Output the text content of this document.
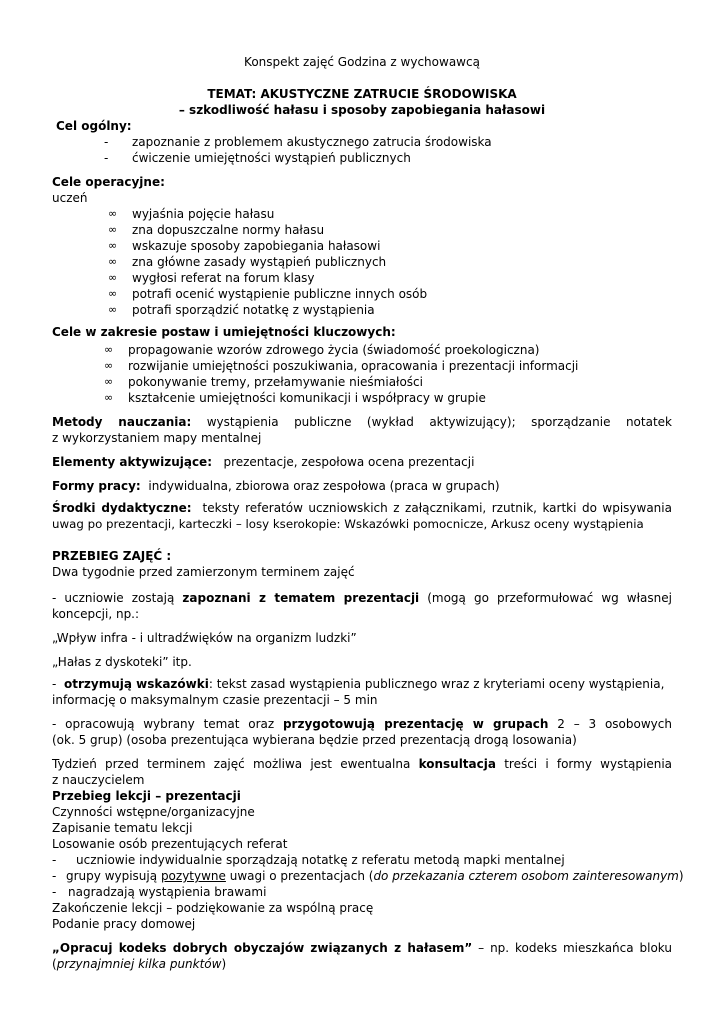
Konspekt zajęć Godzina z wychowawcą

TEMAT: AKUSTYCZNE ZATRUCIE ŚRODOWISKA

– szkodliwość hałasu i sposoby zapobiegania hałasowi

Cel ogólny:

- zapoznanie z problemem akustycznego zatrucia środowiska
- ćwiczenie umiejętności wystąpień publicznych

Cele operacyjne:

uczeń

∞ wyjaśnia pojęcie hałasu
∞ zna dopuszczalne normy hałasu
∞ wskazuje sposoby zapobiegania hałasowi
∞ zna główne zasady wystąpień publicznych
∞ wygłosi referat na forum klasy
∞ potrafi ocenić wystąpienie publiczne innych osób
∞ potrafi sporządzić notatkę z wystąpienia

Cele w zakresie postaw i umiejętności kluczowych:

∞ propagowanie wzorów zdrowego życia (świadomość proekologiczna)
∞ rozwijanie umiejętności poszukiwania, opracowania i prezentacji informacji
∞ pokonywanie tremy, przełamywanie nieśmiałości
∞ kształcenie umiejętności komunikacji i współpracy w grupie

Metody nauczania: wystąpienia publiczne (wykład aktywizujący); sporządzanie notatek

z wykorzystaniem mapy mentalnej

Elementy aktywizujące: prezentacje, zespołowa ocena prezentacji

Formy pracy: indywidualna, zbiorowa oraz zespołowa (praca w grupach)

Środki dydaktyczne: teksty referatów uczniowskich z załącznikami, rzutnik, kartki do wpisywania

uwag po prezentacji, karteczki – losy kserokopie: Wskazówki pomocnicze, Arkusz oceny wystąpienia

PRZEBIEG ZAJĘĆ :

Dwa tygodnie przed zamierzonym terminem zajęć

- uczniowie zostają zapoznani z tematem prezentacji (mogą go przeformułować wg własnej

koncepcji, np.:

„Wpływ infra - i ultradźwięków na organizm ludzki”

„Hałas z dyskoteki” itp.

- otrzymują wskazówki: tekst zasad wystąpienia publicznego wraz z kryteriami oceny wystąpienia,

informację o maksymalnym czasie prezentacji – 5 min

- opracowują wybrany temat oraz przygotowują prezentację w grupach 2 – 3 osobowych

(ok. 5 grup) (osoba prezentująca wybierana będzie przed prezentacją drogą losowania)

Tydzień przed terminem zajęć możliwa jest ewentualna konsultacja treści i formy wystąpienia

z nauczycielem

Przebieg lekcji – prezentacji

Czynności wstępne/organizacyjne

Zapisanie tematu lekcji

Losowanie osób prezentujących referat

- uczniowie indywidualnie sporządzają notatkę z referatu metodą mapki mentalnej
- grupy wypisują pozytywne uwagi o prezentacjach (do przekazania czterem osobom zainteresowanym)
- nagradzają wystąpienia brawami

Zakończenie lekcji – podziękowanie za wspólną pracę

Podanie pracy domowej

„Opracuj kodeks dobrych obyczajów związanych z hałasem” – np. kodeks mieszkańca bloku

(przynajmniej kilka punktów)
